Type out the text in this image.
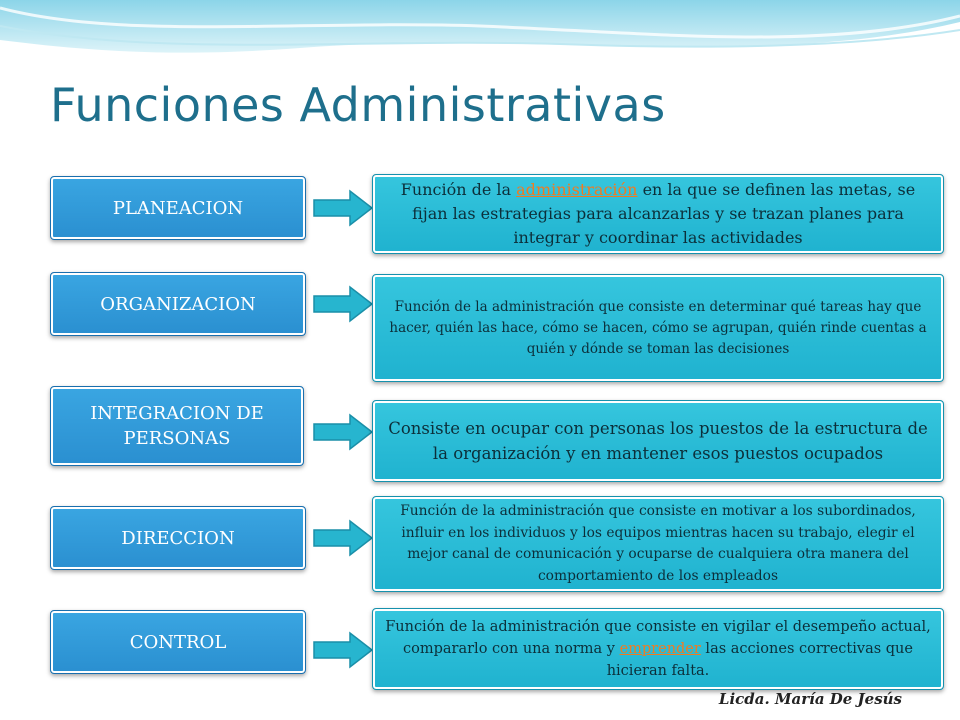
Funciones Administrativas
PLANEACION
Función de la administración en la que se definen las metas, se fijan las estrategias para alcanzarlas y se trazan planes para integrar y coordinar las actividades
ORGANIZACION	Función de la administración que consiste en determinar qué tareas hay que hacer, quién las hace, cómo se hacen, cómo se agrupan, quién rinde cuentas a quién y dónde se toman las decisiones
INTEGRACION DE PERSONAS	Consiste en ocupar con personas los puestos de la estructura de la organización y en mantener esos puestos ocupados
DIRECCION
Función de la administración que consiste en motivar a los subordinados, influir en los individuos y los equipos mientras hacen su trabajo, elegir el mejor canal de comunicación y ocuparse de cualquiera otra manera del comportamiento de los empleados
CONTROL
Función de la administración que consiste en vigilar el desempeño actual, compararlo con una norma y emprender las acciones correctivas que hicieran falta.
Licda. María De Jesús
